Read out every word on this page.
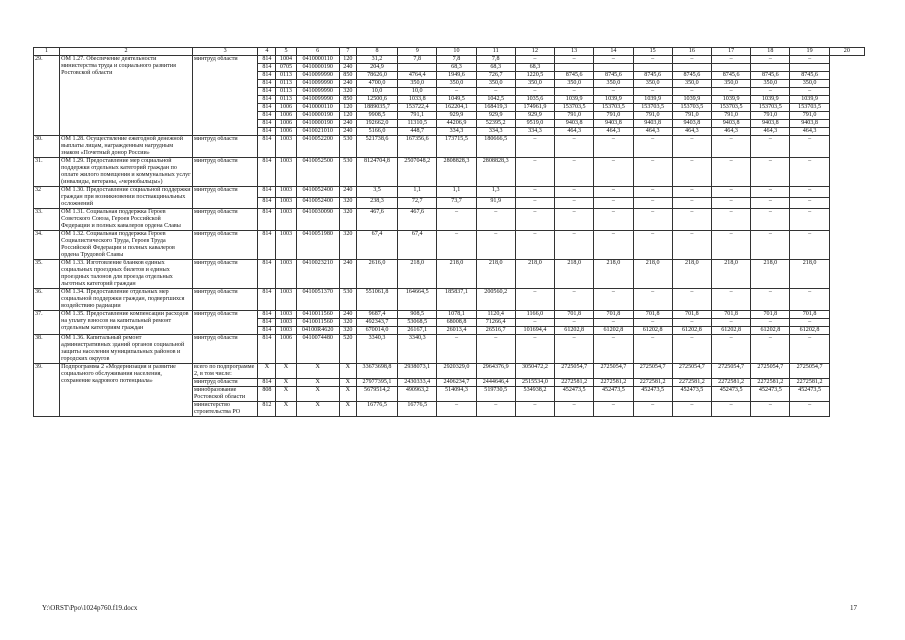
1	2	3	4	5	6	7	8	9	10	11	12	13	14	15	16	17	18	19	20
29.	ОМ 1.27. Обеспечение деятельности министерства труда и социального развития Ростовской области	минтруд области	814	1004	0410000110	120	31,2	7,8	7,8	7,8	–	–	–	–	–	–	–	–	
			814	0705	0410000190	240	204,9		68,3	68,3	68,3								
			814	0113	0410099990	850	78626,0	4764,4	1949,6	726,7	1220,5	8745,6	8745,6	8745,6	8745,6	8745,6	8745,6	8745,6	
			814	0113	0410099990	240	4700,0	350,0	350,0	350,0	350,0	350,0	350,0	350,0	350,0	350,0	350,0	350,0	
			814	0113	0410099990	320	10,0	10,0	–	–	–	–	–	–	–	–	–	–	
			814	0113	0410099990	850	12500,6	1033,8	1049,5	1042,5	1035,6	1039,9	1039,9	1039,9	1039,9	1039,9	1039,9	1039,9	
			814	1006	0410000110	120	1889035,7	153722,4	162204,1	168419,3	174961,9	153703,5	153703,5	153703,5	153703,5	153703,5	153703,5	153703,5	
			814	1006	0410000190	120	9908,5	791,1	929,9	929,9	929,9	791,0	791,0	791,0	791,0	791,0	791,0	791,0	
			814	1006	0410000190	240	192662,0	11310,5	44206,9	52395,2	9519,0	9403,8	9403,8	9403,8	9403,8	9403,8	9403,8	9403,8	
			814	1006	0410021010	240	5166,0	448,7	334,3	334,3	334,3	464,3	464,3	464,3	464,3	464,3	464,3	464,3	
30.	ОМ 1.28. Осуществление ежегодной денежной выплаты лицам, награжденным нагрудным знаком «Почетный донор России»	минтруд области	814	1003	0410052200	530	521738,6	167356,6	173715,5	180666,5	–	–	–	–	–	–	–	–	
31.	ОМ 1.29. Предоставление мер социальной поддержки отдельных категорий граждан по оплате жилого помещения и коммунальных услуг (инвалиды, ветераны, «чернобыльцы»)	минтруд области	814	1003	0410052500	530	8124704,8	2507048,2	2808828,3	2808828,3	–	–	–	–	–	–	–	–	
32	ОМ 1.30. Предоставление социальной поддержки граждан при возникновении поствакцинальных осложнений	минтруд области	814	1003	0410052400	240	3,5	1,1	1,1	1,3	–	–	–	–	–	–	–	–	
			814	1003	0410052400	320	238,3	72,7	73,7	91,9	–	–	–	–	–	–	–	–	
33.	ОМ 1.31. Социальная поддержка Героев Советского Союза, Героев Российской Федерации и полных кавалеров ордена Славы	минтруд области	814	1003	0410030090	320	467,6	467,6	–	–	–	–	–	–	–	–	–	–	
34.	ОМ 1.32. Социальная поддержка Героев Социалистического Труда, Героев Труда Российской Федерации и полных кавалеров ордена Трудовой Славы	минтруд области	814	1003	0410051980	320	67,4	67,4	–	–	–	–	–	–	–	–	–	–	
35.	ОМ 1.33. Изготовление бланков единых социальных проездных билетов и единых проездных талонов для проезда отдельных льготных категорий граждан	минтруд области	814	1003	0410023210	240	2616,0	218,0	218,0	218,0	218,0	218,0	218,0	218,0	218,0	218,0	218,0	218,0	
36.	ОМ 1.34. Предоставление отдельных мер социальной поддержки граждан, подвергшихся воздействию радиации	минтруд области	814	1003	0410051370	530	551061,8	164664,5	185837,1	200560,2	–	–	–	–	–	–	–	–	
37.	ОМ 1.35. Предоставление компенсации расходов на уплату взносов на капитальный ремонт отдельным категориям граждан	минтруд области	814	1003	0410011560	240	9687,4	908,5	1078,1	1120,4	1166,0	701,8	701,8	701,8	701,8	701,8	701,8	701,8	
			814	1003	0410011560	320	492343,7	53068,5	68008,8	71266,4	–	–	–	–	–	–	–	–	
			814	1003	04100R4620	320	670014,0	26167,1	26013,4	26516,7	101694,4	61202,8	61202,8	61202,8	61202,8	61202,8	61202,8	61202,8	
38.	ОМ 1.36. Капитальный ремонт административных зданий органов социальной защиты населения муниципальных районов и городских округов	минтруд области	814	1006	0410074480	520	3340,3	3340,3	–	–	–	–	–	–	–	–	–	–	
39.	Подпрограмма 2 «Модернизация и развитие социального обслуживания населения, сохранение кадрового потенциала»	всего по подпрограмме 2, в том числе:	Х	Х	Х	Х	33673698,8	2938073,1	2920329,0	2964376,9	3050472,2	2725054,7	2725054,7	2725054,7	2725054,7	2725054,7	2725054,7	2725054,7	
		минтруд области	814	Х	Х	Х	27977395,1	2430333,4	2406234,7	2444646,4	2515534,0	2272581,2	2272581,2	2272581,2	2272581,2	2272581,2	2272581,2	2272581,2	
		минобразование Ростовской области	808	Х	Х	Х	5679514,2	490963,2	514094,3	519730,5	534938,2	452473,5	452473,5	452473,5	452473,5	452473,5	452473,5	452473,5	
		министерство строительства РО	812	Х	Х	Х	16776,5	16776,5	–	–	–	–	–	–	–	–	–	–	
Y:\ORST\Ppo\1024p760.f19.docx	17
